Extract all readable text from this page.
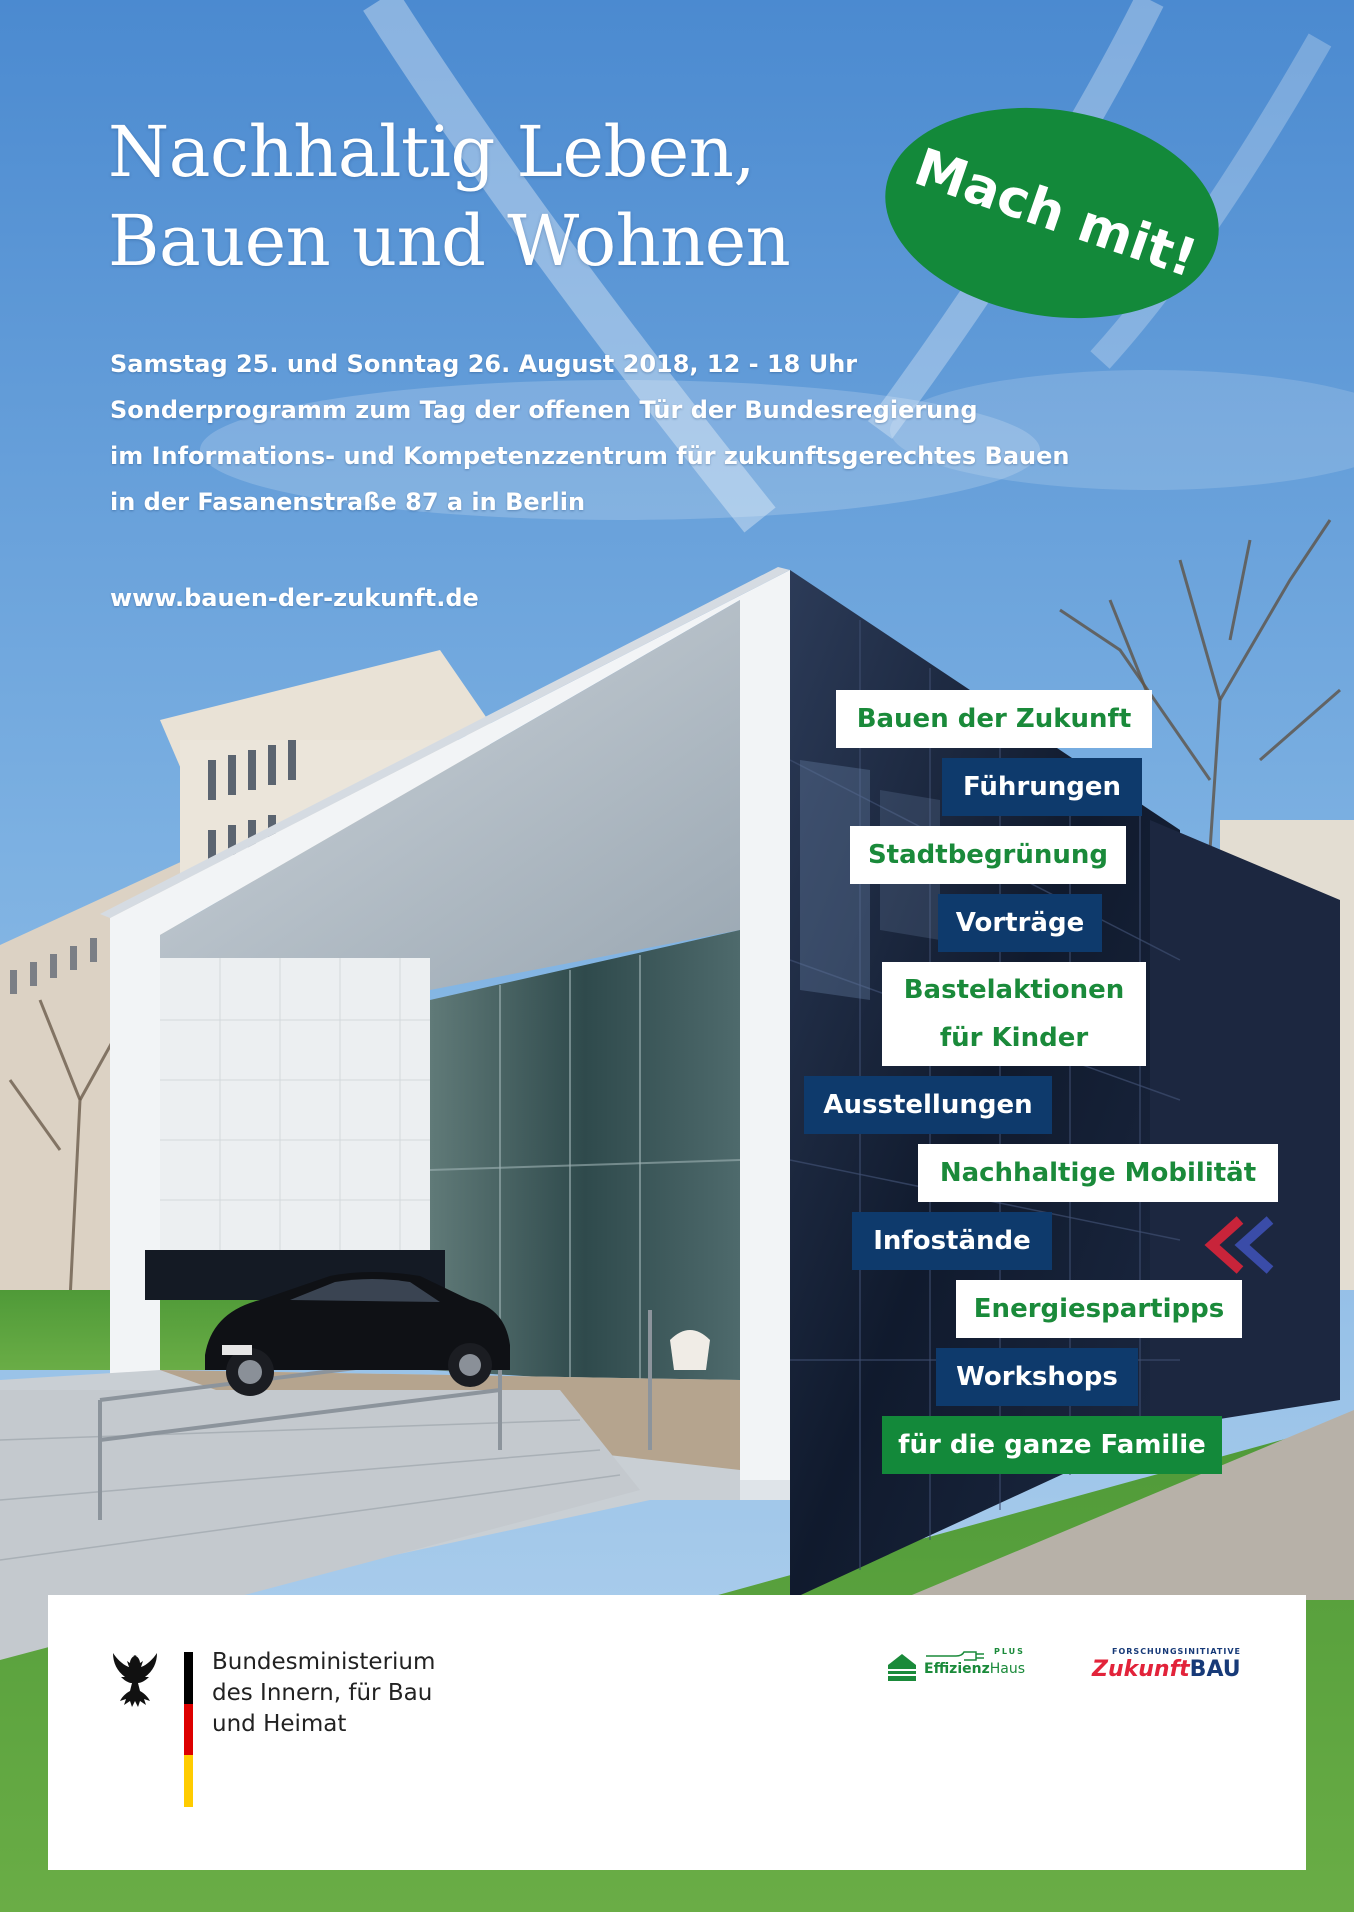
Nachhaltig Leben,
Bauen und Wohnen	Mach mit!
Samstag 25. und Sonntag 26. August 2018, 12 - 18 Uhr
Sonderprogramm zum Tag der offenen Tür der Bundesregierung
im Informations- und Kompetenzzentrum für zukunftsgerechtes Bauen
in der Fasanenstraße 87 a in Berlin
www.bauen-der-zukunft.de
Bauen der Zukunft
Führungen
Stadtbegrünung
Vorträge
Bastelaktionen
für Kinder
Ausstellungen
Nachhaltige Mobilität
Infostände
Energiespartipps
Workshops
für die ganze Familie
Bundesministerium
des Innern, für Bau
und Heimat
PLUS
EffizienzHaus
FORSCHUNGSINITIATIVE
ZukunftBAU
